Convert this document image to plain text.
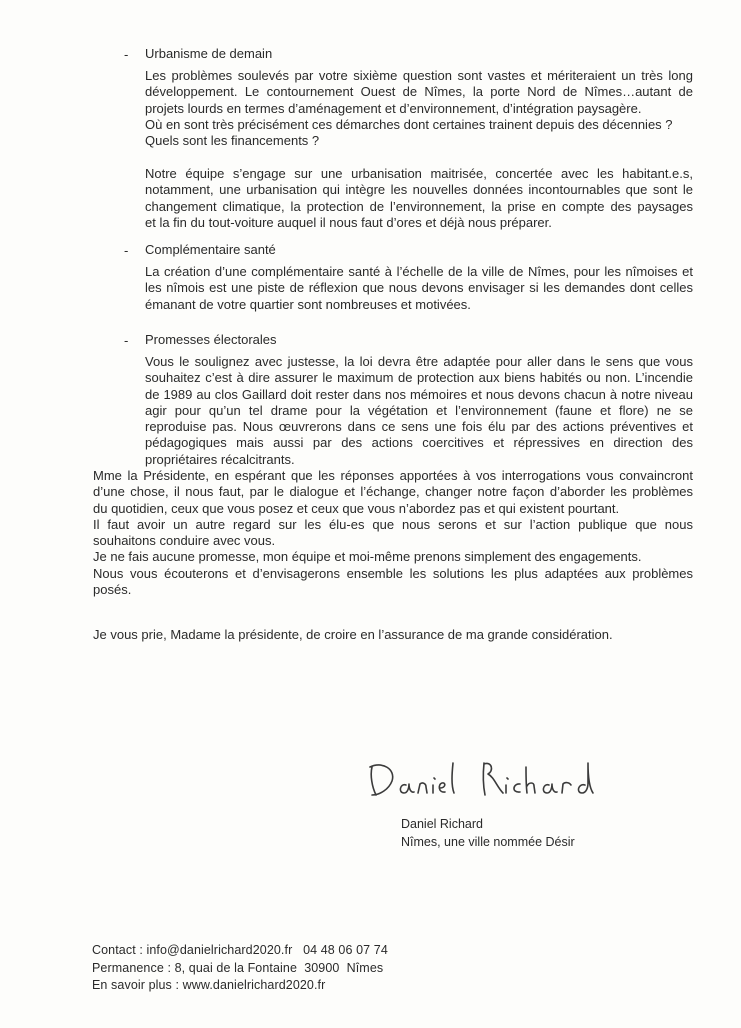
- Urbanisme de demain
Les problèmes soulevés par votre sixième question sont vastes et mériteraient un très long
développement. Le contournement Ouest de Nîmes, la porte Nord de Nîmes…autant de
projets lourds en termes d’aménagement et d’environnement, d’intégration paysagère.
Où en sont très précisément ces démarches dont certaines trainent depuis des décennies ?
Quels sont les financements ?
Notre équipe s’engage sur une urbanisation maitrisée, concertée avec les habitant.e.s,
notamment, une urbanisation qui intègre les nouvelles données incontournables que sont le
changement climatique, la protection de l’environnement, la prise en compte des paysages
et la fin du tout-voiture auquel il nous faut d’ores et déjà nous préparer.
- Complémentaire santé
La création d’une complémentaire santé à l’échelle de la ville de Nîmes, pour les nîmoises et
les nîmois est une piste de réflexion que nous devons envisager si les demandes dont celles
émanant de votre quartier sont nombreuses et motivées.
- Promesses électorales
Vous le soulignez avec justesse, la loi devra être adaptée pour aller dans le sens que vous
souhaitez c’est à dire assurer le maximum de protection aux biens habités ou non. L’incendie
de 1989 au clos Gaillard doit rester dans nos mémoires et nous devons chacun à notre niveau
agir pour qu’un tel drame pour la végétation et l’environnement (faune et flore) ne se
reproduise pas. Nous œuvrerons dans ce sens une fois élu par des actions préventives et
pédagogiques mais aussi par des actions coercitives et répressives en direction des
propriétaires récalcitrants.
Mme la Présidente, en espérant que les réponses apportées à vos interrogations vous convaincront
d’une chose, il nous faut, par le dialogue et l’échange, changer notre façon d’aborder les problèmes
du quotidien, ceux que vous posez et ceux que vous n’abordez pas et qui existent pourtant.
Il faut avoir un autre regard sur les élu-es que nous serons et sur l’action publique que nous
souhaitons conduire avec vous.
Je ne fais aucune promesse, mon équipe et moi-même prenons simplement des engagements.
Nous vous écouterons et d’envisagerons ensemble les solutions les plus adaptées aux problèmes
posés.
Je vous prie, Madame la présidente, de croire en l’assurance de ma grande considération.
Daniel Richard
Nîmes, une ville nommée Désir
Contact : info@danielrichard2020.fr 04 48 06 07 74
Permanence : 8, quai de la Fontaine 30900 Nîmes
En savoir plus : www.danielrichard2020.fr
